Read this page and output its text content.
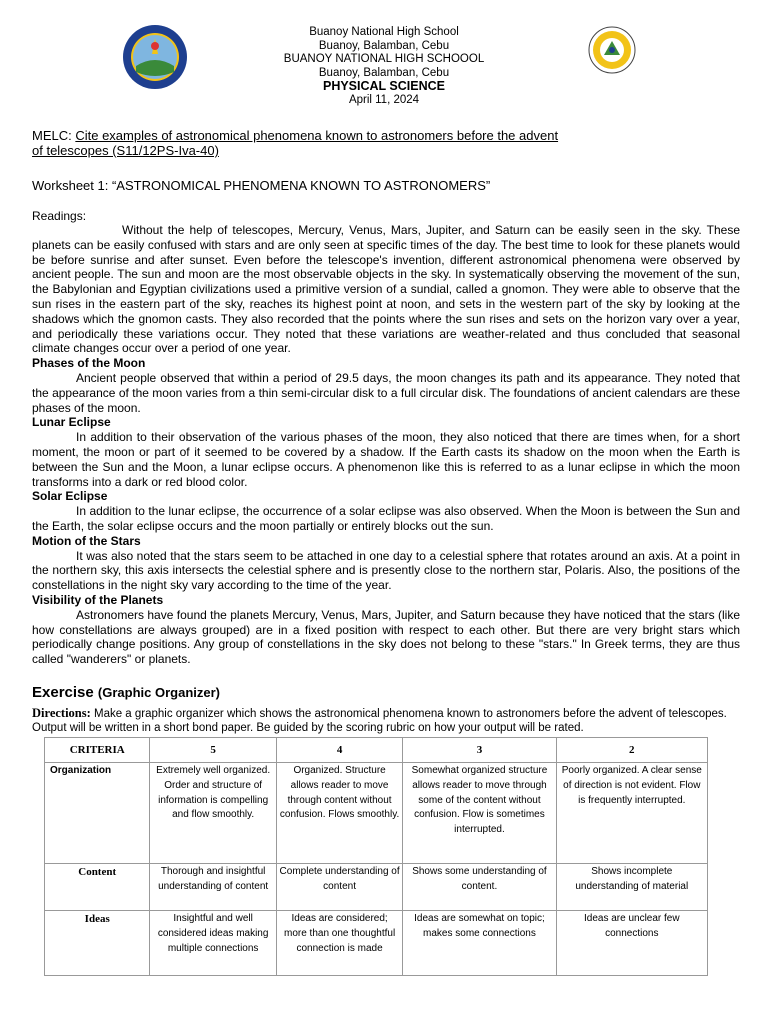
Buanoy National High School
Buanoy, Balamban, Cebu
BUANOY NATIONAL HIGH SCHOOOL
Buanoy, Balamban, Cebu
PHYSICAL SCIENCE
April 11, 2024
MELC: Cite examples of astronomical phenomena known to astronomers before the advent
of telescopes (S11/12PS-Iva-40)
Worksheet 1: “ASTRONOMICAL PHENOMENA KNOWN TO ASTRONOMERS”
Readings:

Without the help of telescopes, Mercury, Venus, Mars, Jupiter, and Saturn can be easily seen in the sky. These planets can be easily confused with stars and are only seen at specific times of the day. The best time to look for these planets would be before sunrise and after sunset. Even before the telescope's invention, different astronomical phenomena were observed by ancient people. The sun and moon are the most observable objects in the sky. In systematically observing the movement of the sun, the Babylonian and Egyptian civilizations used a primitive version of a sundial, called a gnomon. They were able to observe that the sun rises in the eastern part of the sky, reaches its highest point at noon, and sets in the western part of the sky by looking at the shadows which the gnomon casts. They also recorded that the points where the sun rises and sets on the horizon vary over a year, and periodically these variations occur. They noted that these variations are weather-related and thus concluded that seasonal climate changes occur over a period of one year.

Phases of the Moon

Ancient people observed that within a period of 29.5 days, the moon changes its path and its appearance. They noted that the appearance of the moon varies from a thin semi-circular disk to a full circular disk. The foundations of ancient calendars are these phases of the moon.

Lunar Eclipse

In addition to their observation of the various phases of the moon, they also noticed that there are times when, for a short moment, the moon or part of it seemed to be covered by a shadow. If the Earth casts its shadow on the moon when the Earth is between the Sun and the Moon, a lunar eclipse occurs. A phenomenon like this is referred to as a lunar eclipse in which the moon transforms into a dark or red blood color.

Solar Eclipse

In addition to the lunar eclipse, the occurrence of a solar eclipse was also observed. When the Moon is between the Sun and the Earth, the solar eclipse occurs and the moon partially or entirely blocks out the sun.

Motion of the Stars

It was also noted that the stars seem to be attached in one day to a celestial sphere that rotates around an axis. At a point in the northern sky, this axis intersects the celestial sphere and is presently close to the northern star, Polaris. Also, the positions of the constellations in the night sky vary according to the time of the year.

Visibility of the Planets

Astronomers have found the planets Mercury, Venus, Mars, Jupiter, and Saturn because they have noticed that the stars (like how constellations are always grouped) are in a fixed position with respect to each other. But there are very bright stars which periodically change positions. Any group of constellations in the sky does not belong to these "stars." In Greek terms, they are thus called "wanderers" or planets.

Exercise (Graphic Organizer)
Directions: Make a graphic organizer which shows the astronomical phenomena known to astronomers before the advent of telescopes. Output will be written in a short bond paper. Be guided by the scoring rubric on how your output will be rated.
CRITERIA	5	4	3	2
Organization	Extremely well organized. Order and structure of information is compelling and flow smoothly.	Organized. Structure allows reader to move through content without confusion. Flows smoothly.	Somewhat organized structure allows reader to move through some of the content without confusion. Flow is sometimes interrupted.	Poorly organized. A clear sense of direction is not evident. Flow is frequently interrupted.
Content	Thorough and insightful understanding of content	Complete understanding of content	Shows some understanding of content.	Shows incomplete understanding of material
Ideas	Insightful and well considered ideas making multiple connections	Ideas are considered; more than one thoughtful connection is made	Ideas are somewhat on topic; makes some connections	Ideas are unclear few connections
